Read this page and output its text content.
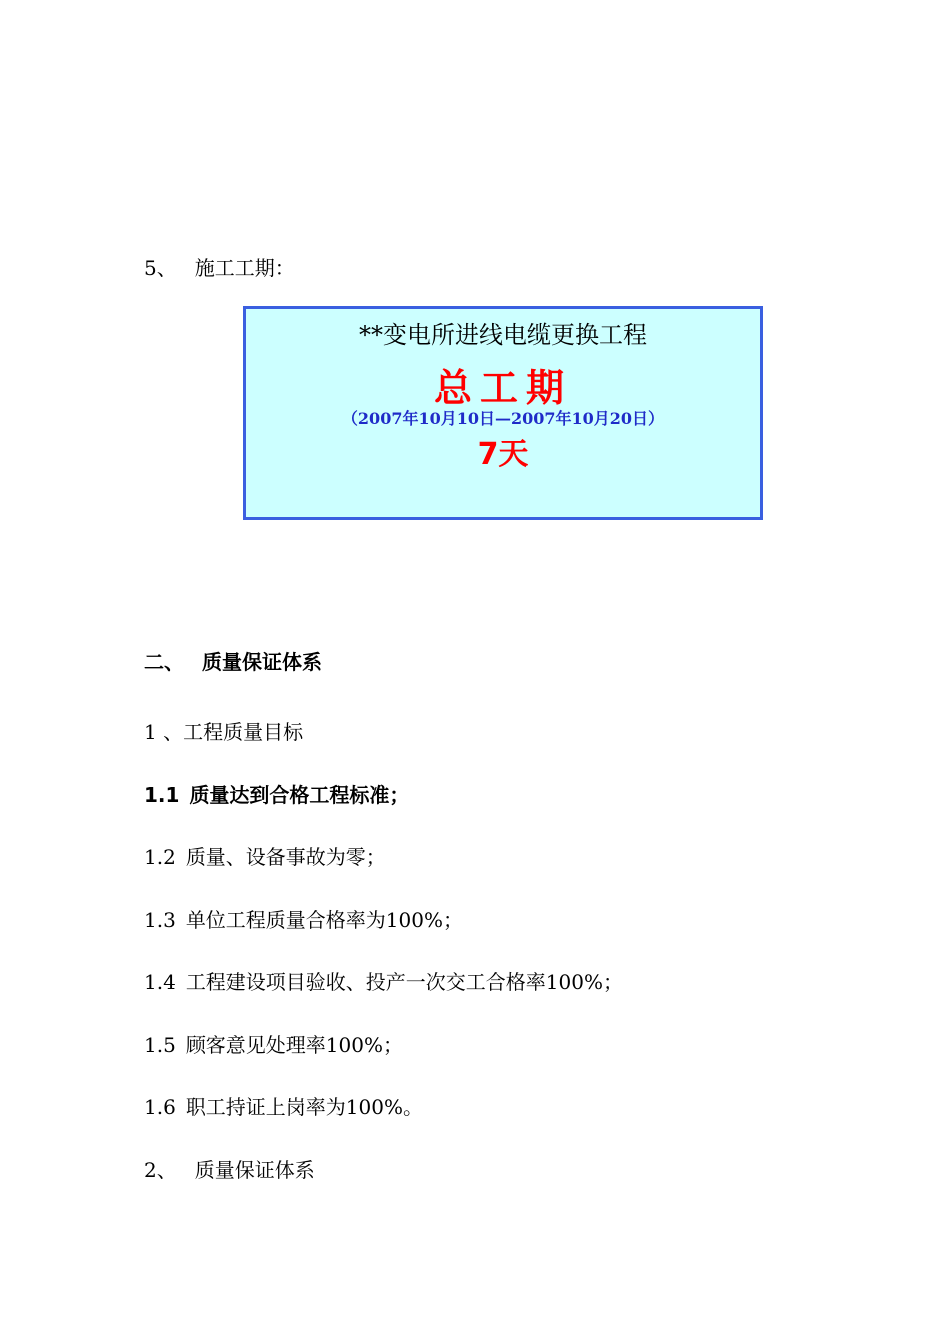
5、 施工工期：
**变电所进线电缆更换工程
总工期
（2007年10月10日—2007年10月20日）
7天
二、 质量保证体系
1 、工程质量目标
1.1 质量达到合格工程标准；
1.2 质量、设备事故为零；
1.3 单位工程质量合格率为100%；
1.4 工程建设项目验收、投产一次交工合格率100%；
1.5 顾客意见处理率100%；
1.6 职工持证上岗率为100%。
2、 质量保证体系
